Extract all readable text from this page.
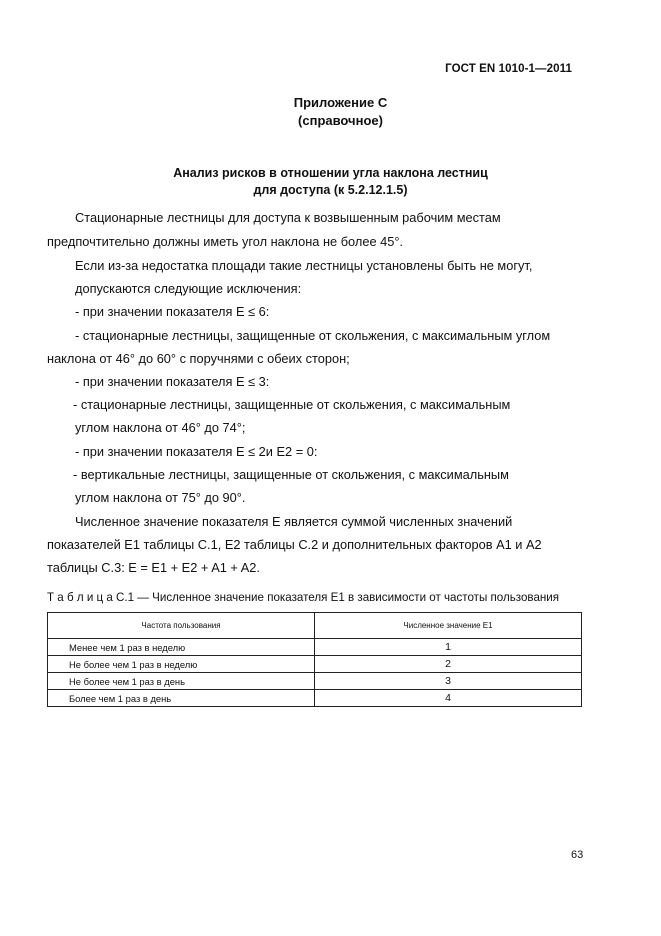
ГОСТ EN 1010-1—2011
Приложение С
(справочное)
Анализ рисков в отношении угла наклона лестниц
для доступа (к 5.2.12.1.5)
Стационарные лестницы для доступа к возвышенным рабочим местам
предпочтительно должны иметь угол наклона не более 45°.
Если из-за недостатка площади такие лестницы установлены быть не могут,
допускаются следующие исключения:
- при значении показателя E ≤ 6:
- стационарные лестницы, защищенные от скольжения, с максимальным углом
наклона от 46° до 60° с поручнями с обеих сторон;
- при значении показателя E ≤ 3:
- стационарные лестницы, защищенные от скольжения, с максимальным
углом наклона от 46° до 74°;
- при значении показателя E ≤ 2и E2 = 0:
- вертикальные лестницы, защищенные от скольжения, с максимальным
углом наклона от 75° до 90°.
Численное значение показателя E является суммой численных значений
показателей E1 таблицы С.1, E2 таблицы С.2 и дополнительных факторов A1 и A2
таблицы С.3: E = E1 + E2 + A1 + A2.
Т а б л и ц а С.1 — Численное значение показателя E1 в зависимости от частоты пользования
Частота пользования	Численное значение E1
Менее чем 1 раз в неделю	1
Не более чем 1 раз в неделю	2
Не более чем 1 раз в день	3
Более чем 1 раз в день	4
63
